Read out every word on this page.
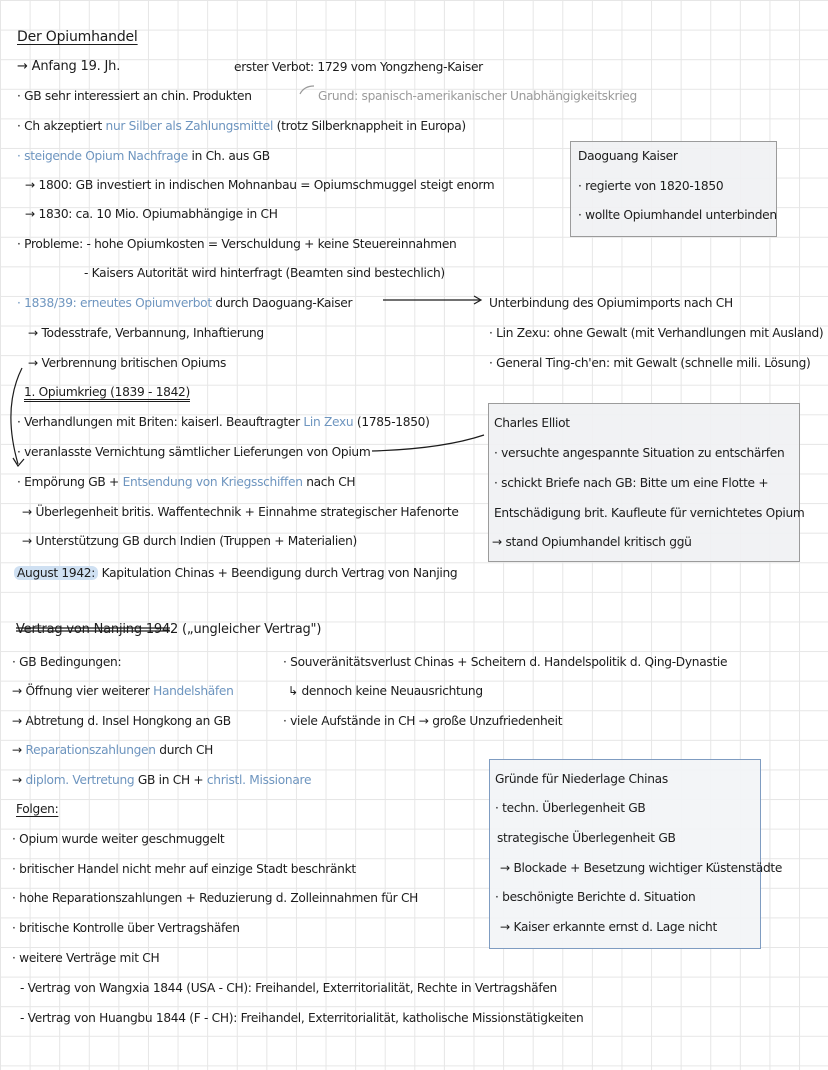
Der Opiumhandel
→ Anfang 19. Jh.	erster Verbot: 1729 vom Yongzheng-Kaiser
· GB sehr interessiert an chin. Produkten	Grund: spanisch-amerikanischer Unabhängigkeitskrieg
· Ch akzeptiert nur Silber als Zahlungsmittel (trotz Silberknappheit in Europa)
· steigende Opium Nachfrage in Ch. aus GB
→ 1800: GB investiert in indischen Mohnanbau = Opiumschmuggel steigt enorm
→ 1830: ca. 10 Mio. Opiumabhängige in CH
· Probleme: - hohe Opiumkosten = Verschuldung + keine Steuereinnahmen
- Kaisers Autorität wird hinterfragt (Beamten sind bestechlich)
Daoguang Kaiser
· regierte von 1820-1850
· wollte Opiumhandel unterbinden
· 1838/39: erneutes Opiumverbot durch Daoguang-Kaiser
→ Todesstrafe, Verbannung, Inhaftierung
→ Verbrennung britischen Opiums
Unterbindung des Opiumimports nach CH
· Lin Zexu: ohne Gewalt (mit Verhandlungen mit Ausland)
· General Ting-ch'en: mit Gewalt (schnelle mili. Lösung)
1. Opiumkrieg (1839 - 1842)
· Verhandlungen mit Briten: kaiserl. Beauftragter Lin Zexu (1785-1850)
· veranlasste Vernichtung sämtlicher Lieferungen von Opium
· Empörung GB + Entsendung von Kriegsschiffen nach CH
→ Überlegenheit britis. Waffentechnik + Einnahme strategischer Hafenorte
→ Unterstützung GB durch Indien (Truppen + Materialien)
August 1942: Kapitulation Chinas + Beendigung durch Vertrag von Nanjing
Charles Elliot
· versuchte angespannte Situation zu entschärfen
· schickt Briefe nach GB: Bitte um eine Flotte +
Entschädigung brit. Kaufleute für vernichtetes Opium
→ stand Opiumhandel kritisch ggü
Vertrag von Nanjing 1942 („ungleicher Vertrag")
· GB Bedingungen:
→ Öffnung vier weiterer Handelshäfen
→ Abtretung d. Insel Hongkong an GB
→ Reparationszahlungen durch CH
→ diplom. Vertretung GB in CH + christl. Missionare
· Souveränitätsverlust Chinas + Scheitern d. Handelspolitik d. Qing-Dynastie
↳ dennoch keine Neuausrichtung
· viele Aufstände in CH → große Unzufriedenheit
Folgen:
· Opium wurde weiter geschmuggelt
· britischer Handel nicht mehr auf einzige Stadt beschränkt
· hohe Reparationszahlungen + Reduzierung d. Zolleinnahmen für CH
· britische Kontrolle über Vertragshäfen
· weitere Verträge mit CH
- Vertrag von Wangxia 1844 (USA - CH): Freihandel, Exterritorialität, Rechte in Vertragshäfen
- Vertrag von Huangbu 1844 (F - CH): Freihandel, Exterritorialität, katholische Missionstätigkeiten
Gründe für Niederlage Chinas
· techn. Überlegenheit GB
strategische Überlegenheit GB
→ Blockade + Besetzung wichtiger Küstenstädte
· beschönigte Berichte d. Situation
→ Kaiser erkannte ernst d. Lage nicht
